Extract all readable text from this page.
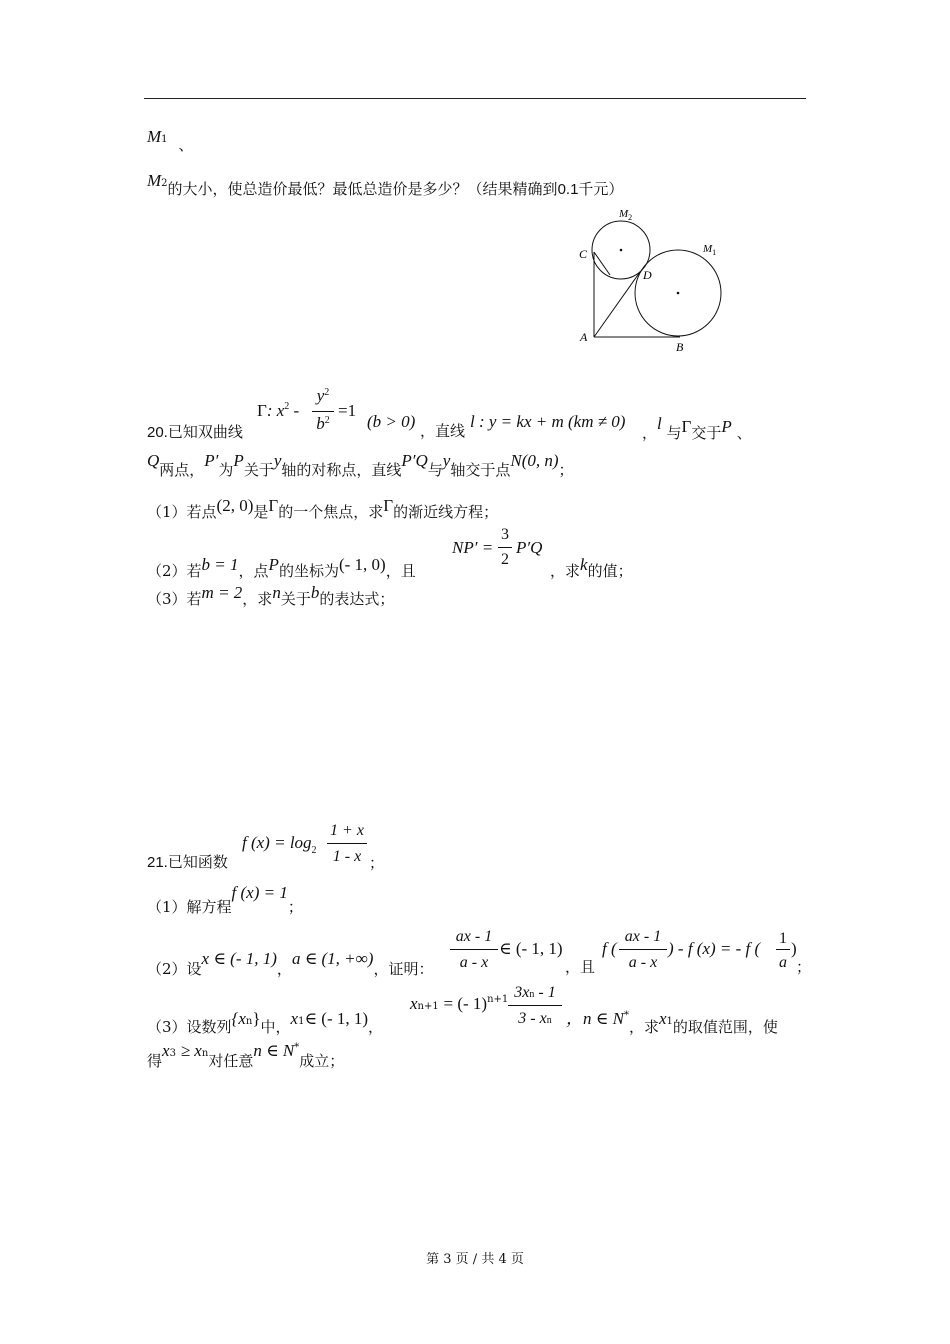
M1 、
M2的大小，使总造价最低？最低总造价是多少？（结果精确到0.1千元）
$M_2$
$M_1$
C
D
A
B
20.已知双曲线
Γ: $x^2$ -
$y^2$
$b^2$
=1
(b > 0) ，直线 l : y = kx + m (km ≠ 0)
，l 与Γ交于P 、
Q两点，P′为P关于y轴的对称点，直线P′Q与y轴交于点N(0, n)；
（1）若点(2, 0)是Γ的一个焦点，求Γ的渐近线方程；
（2）若b = 1，点P的坐标为(- 1, 0)，且
NP′ =
3
2
P′Q
，求k的值；
（3）若m = 2，求n关于b的表达式；
21.已知函数
f $(x) = \log_2$
1 + x
1 - x ；
（1）解方程f (x) = 1；
（2）设x ∈ (- 1, 1)，a ∈ (1, +∞)，证明：
ax - 1
a - x
∈ (- 1, 1)
，且
f (
ax - 1
a - x
) - f (x) = - f (
1
a
)
；
（3）设数列{xn}中，x1∈ (- 1, 1)，
xn+1 = (- 1)$^{n+1}$ 3xn - 1
3 - xn ，n ∈ N*，求x1的取值范围，使
得x3 ≥ xn对任意n ∈ N*成立；
第 3 页 / 共 4 页
